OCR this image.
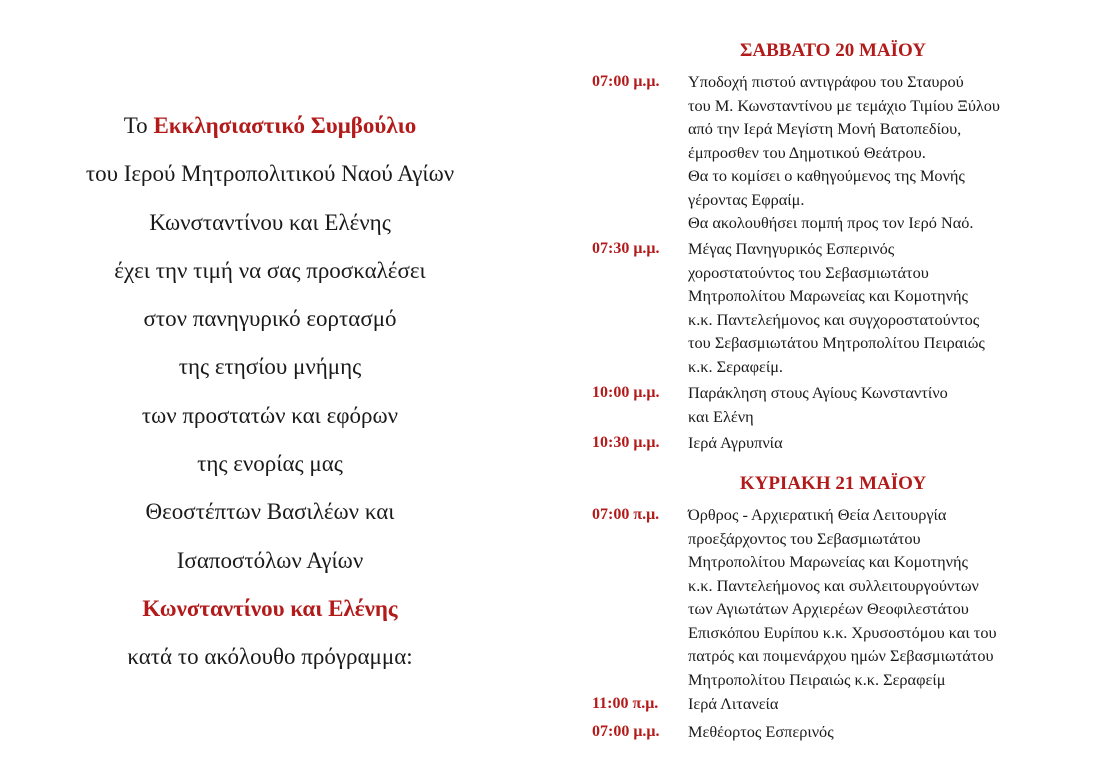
Το Εκκλησιαστικό Συμβούλιο
του Ιερού Μητροπολιτικού Ναού Αγίων
Κωνσταντίνου και Ελένης
έχει την τιμή να σας προσκαλέσει
στον πανηγυρικό εορτασμό
της ετησίου μνήμης
των προστατών και εφόρων
της ενορίας μας
Θεοστέπτων Βασιλέων και
Ισαποστόλων Αγίων
Κωνσταντίνου και Ελένης
κατά το ακόλουθο πρόγραμμα:
ΣΑΒΒΑΤΟ 20 ΜΑΪΟΥ
07:00 μ.μ.	Υποδοχή πιστού αντιγράφου του Σταυρού
του Μ. Κωνσταντίνου με τεμάχιο Τιμίου Ξύλου
από την Ιερά Μεγίστη Μονή Βατοπεδίου,
έμπροσθεν του Δημοτικού Θεάτρου.
Θα το κομίσει ο καθηγούμενος της Μονής
γέροντας Εφραίμ.
Θα ακολουθήσει πομπή προς τον Ιερό Ναό.
07:30 μ.μ.	Μέγας Πανηγυρικός Εσπερινός
χοροστατούντος του Σεβασμιωτάτου
Μητροπολίτου Μαρωνείας και Κομοτηνής
κ.κ. Παντελεήμονος και συγχοροστατούντος
του Σεβασμιωτάτου Μητροπολίτου Πειραιώς
κ.κ. Σεραφείμ.
10:00 μ.μ.	Παράκληση στους Αγίους Κωνσταντίνο
και Ελένη
10:30 μ.μ.	Ιερά Αγρυπνία
ΚΥΡΙΑΚΗ 21 ΜΑΪΟΥ
07:00 π.μ.	Όρθρος - Αρχιερατική Θεία Λειτουργία
προεξάρχοντος του Σεβασμιωτάτου
Μητροπολίτου Μαρωνείας και Κομοτηνής
κ.κ. Παντελεήμονος και συλλειτουργούντων
των Αγιωτάτων Αρχιερέων Θεοφιλεστάτου
Επισκόπου Ευρίπου κ.κ. Χρυσοστόμου και του
πατρός και ποιμενάρχου ημών Σεβασμιωτάτου
Μητροπολίτου Πειραιώς κ.κ. Σεραφείμ
11:00 π.μ.	Ιερά Λιτανεία
07:00 μ.μ.	Μεθέορτος Εσπερινός
